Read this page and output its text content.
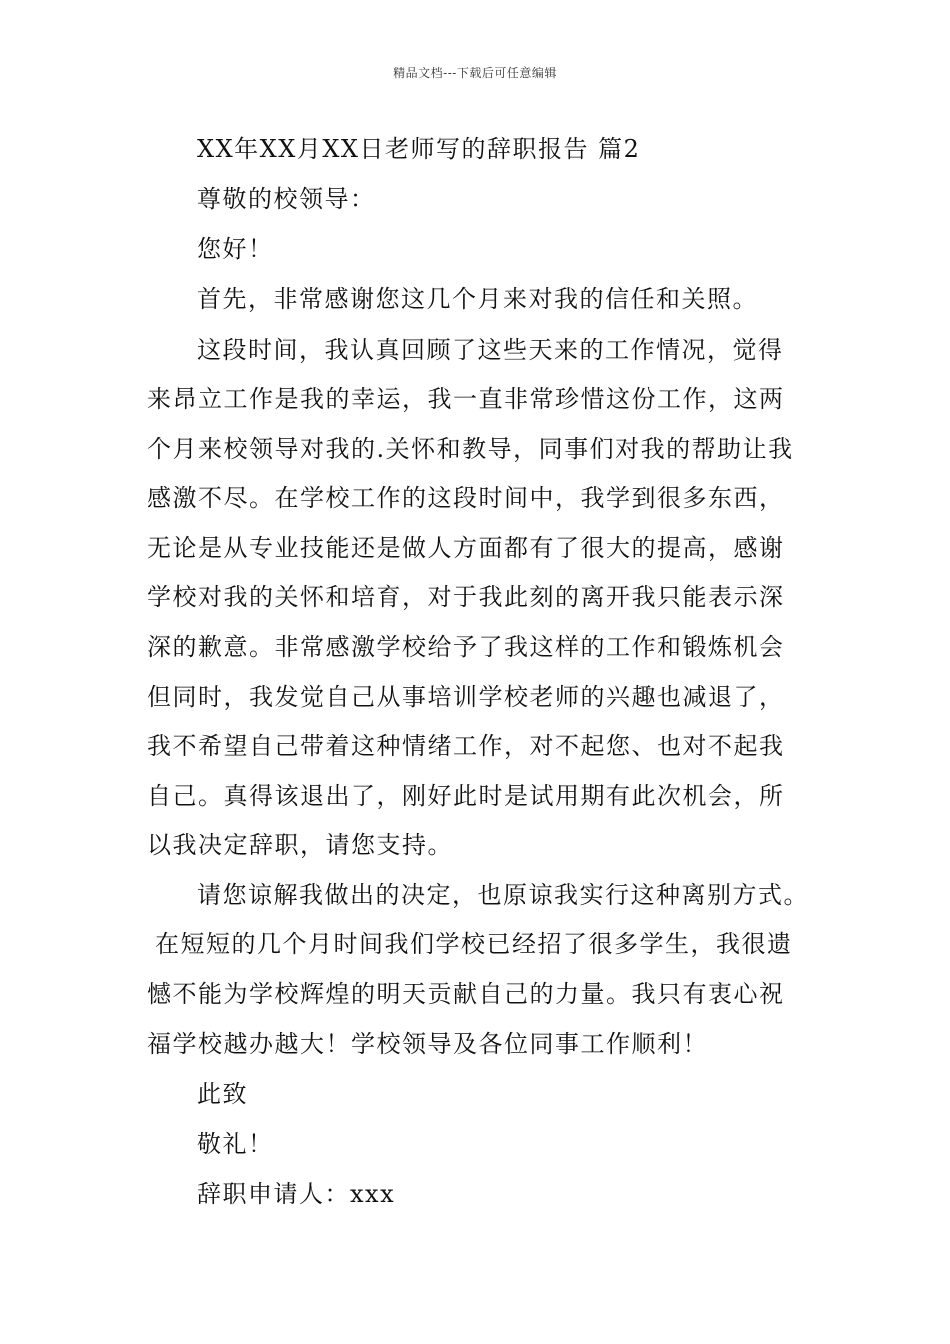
精品文档---下载后可任意编辑
XX年XX月XX日老师写的辞职报告 篇2
尊敬的校领导：
您好！
首先，非常感谢您这几个月来对我的信任和关照。
这段时间，我认真回顾了这些天来的工作情况，觉得
来昂立工作是我的幸运，我一直非常珍惜这份工作，这两
个月来校领导对我的.关怀和教导，同事们对我的帮助让我
感激不尽。在学校工作的这段时间中，我学到很多东西，
无论是从专业技能还是做人方面都有了很大的提高，感谢
学校对我的关怀和培育，对于我此刻的离开我只能表示深
深的歉意。非常感激学校给予了我这样的工作和锻炼机会
但同时，我发觉自己从事培训学校老师的兴趣也减退了，
我不希望自己带着这种情绪工作，对不起您、也对不起我
自己。真得该退出了，刚好此时是试用期有此次机会，所
以我决定辞职，请您支持。
请您谅解我做出的决定，也原谅我实行这种离别方式。
在短短的几个月时间我们学校已经招了很多学生，我很遗
憾不能为学校辉煌的明天贡献自己的力量。我只有衷心祝
福学校越办越大！学校领导及各位同事工作顺利！
此致
敬礼！
辞职申请人：xxx
